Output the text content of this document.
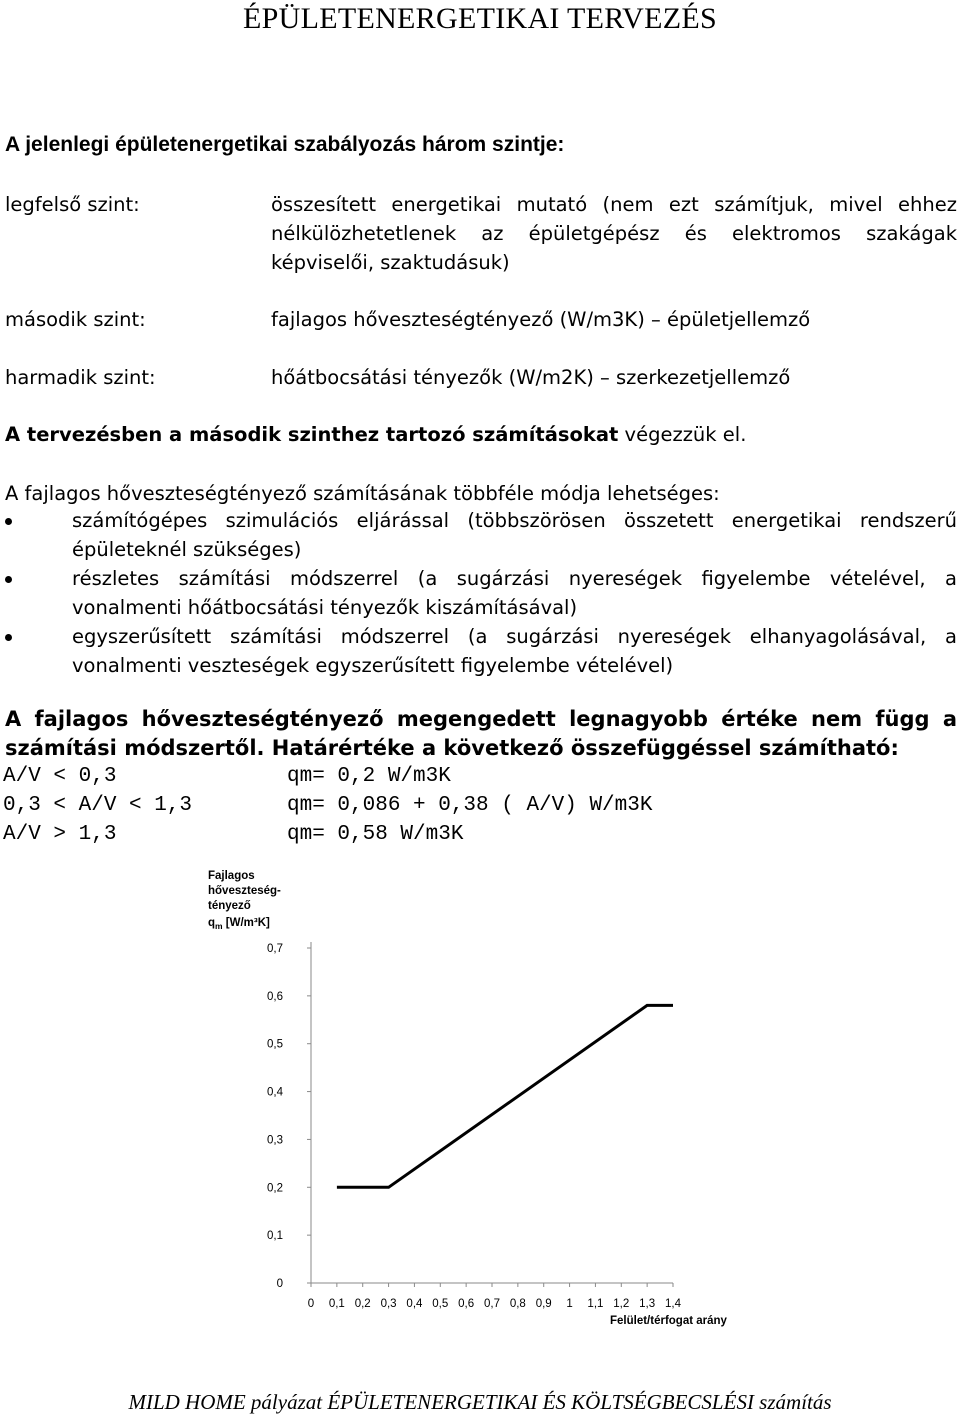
ÉPÜLETENERGETIKAI TERVEZÉS
A jelenlegi épületenergetikai szabályozás három szintje:
legfelső szint:	összesített energetikai mutató (nem ezt számítjuk, mivel ehhez
nélkülözhetetlenek az épületgépész és elektromos szakágak
képviselői, szaktudásuk)
második szint:	fajlagos hőveszteségtényező (W/m3K) – épületjellemző
harmadik szint:	hőátbocsátási tényezők (W/m2K) – szerkezetjellemző
A tervezésben a második szinthez tartozó számításokat végezzük el.
A fajlagos hőveszteségtényező számításának többféle módja lehetséges:
számítógépes szimulációs eljárással (többszörösen összetett energetikai rendszerű
épületeknél szükséges)
részletes számítási módszerrel (a sugárzási nyereségek figyelembe vételével, a
vonalmenti hőátbocsátási tényezők kiszámításával)
egyszerűsített számítási módszerrel (a sugárzási nyereségek elhanyagolásával, a
vonalmenti veszteségek egyszerűsített figyelembe vételével)
A fajlagos hőveszteségtényező megengedett legnagyobb értéke nem függ a
számítási módszertől. Határértéke a következő összefüggéssel számítható:
A/V < 0,3	qm= 0,2 W/m3K
0,3 < A/V < 1,3	qm= 0,086 + 0,38 ( A/V) W/m3K
A/V > 1,3	qm= 0,58 W/m3K
Fajlagos
hőveszteség-
tényező
$q_m$ [W/m³K]
0
0,1
0,2
0,3
0,4
0,5
0,6
0,7
0 0,1 0,2 0,3 0,4 0,5 0,6 0,7 0,8 0,9 1 1,1 1,2 1,3 1,4
Felület/térfogat arány
MILD HOME pályázat ÉPÜLETENERGETIKAI ÉS KÖLTSÉGBECSLÉSI számítás
